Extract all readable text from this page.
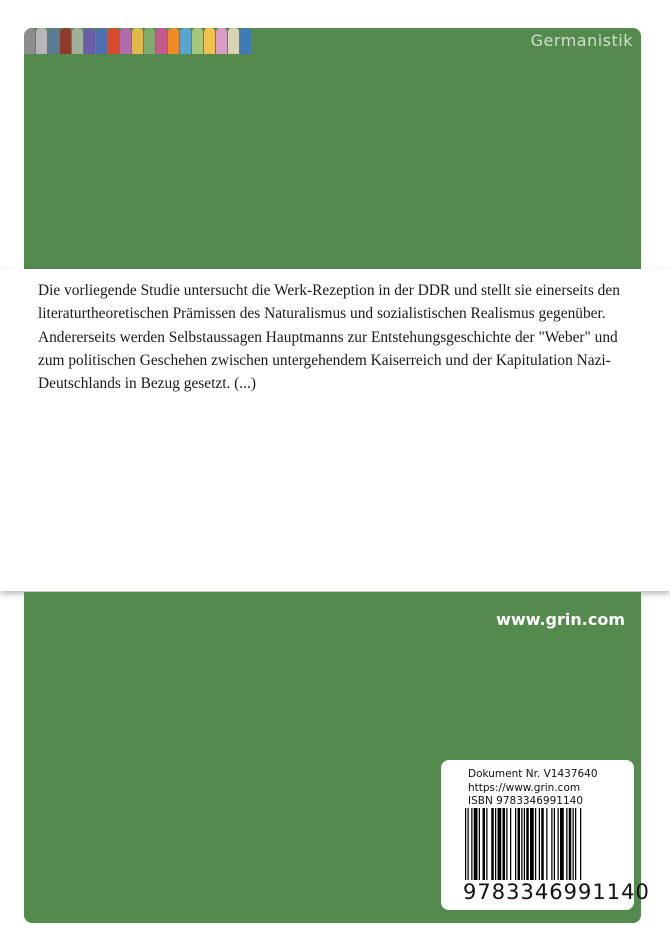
Germanistik

Die vorliegende Studie untersucht die Werk-Rezeption in der DDR und stellt sie einerseits den literaturtheoretischen Prämissen des Naturalismus und sozialistischen Realismus gegenüber. Andererseits werden Selbstaussagen Hauptmanns zur Entstehungsgeschichte der "Weber" und zum politischen Geschehen zwischen untergehendem Kaiserreich und der Kapitulation Nazi-Deutschlands in Bezug gesetzt. (...)

www.grin.com
Dokument Nr. V1437640
https://www.grin.com
ISBN 9783346991140
9 7 8 3 3 4 6 9 9 1 1 4 0
